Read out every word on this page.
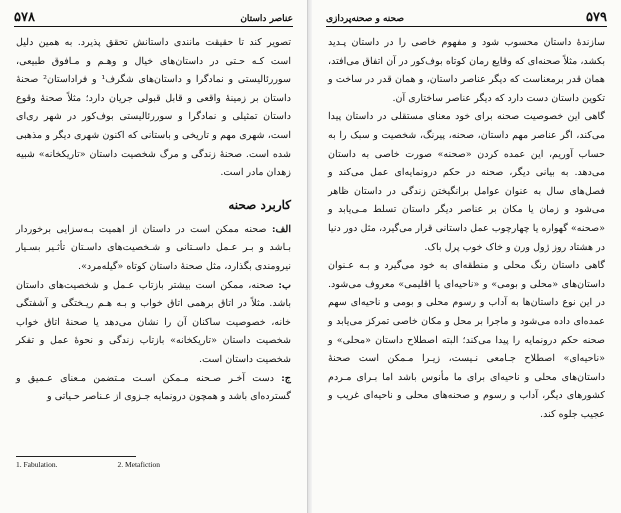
عناصر داستان
۵۷۸

تصویر کند تا حقیقت مانندی داستانش تحقق پذیرد. به همین دلیل است کـه حـتی در داستان‌های خیال و وهـم و مـافوق طبیعی، سوررئالیستی و نمادگرا و داستان‌های شگرف¹ و فراداستان² صحنهٔ داستان بر زمینهٔ واقعی و قابل قبولی جریان دارد؛ مثلاً صحنهٔ وقوع داستان تمثیلی و نمادگرا و سوررئالیستی بوف‌کور در شهر ری‌ای است، شهری مهم و تاریخی و باستانی که اکنون شهری دیگر و مذهبی شده است. صحنهٔ زندگی و مرگ شخصیت داستان «تاریکخانه» شبیه زهدان مادر است.

کاربرد صحنه

الف: صحنه ممکن است در داستان از اهمیت بـه‌سزایی برخوردار بـاشد و بـر عـمل داسـتانی و شـخصیت‌های داسـتان تأثـیر بسـیار نیرومندی بگذارد، مثل صحنهٔ داستان کوتاه «گیله‌مرد».

ب: صحنه، ممکن است بیشتر بازتاب عـمل و شخصیت‌های داستان باشد. مثلاً در اتاق برهمی اتاق خواب و بـه هـم ریـختگی و آشفتگی خانه، خصوصیت ساکنان آن را نشان می‌دهد یا صحنهٔ اتاق خواب شخصیت داستان «تاریکخانه» بازتاب زندگی و نحوهٔ عمل و تفکر شخصیت داستان است.

ج: دست آخـر صـحنه مـمکن اسـت مـتضمن مـعنای عـمیق و گسترده‌ای باشد و همچون درونمایه جـزوی از عـناصر حـیاتی و

1. Fabulation.	2. Metafiction
۵۷۹
صحنه و صحنه‌پردازی

سازندهٔ داستان محسوب شود و مفهوم خاصی را در داستان پـدید بکشد، مثلاً صحنه‌ای که وقایع رمان کوتاه بوف‌کور در آن اتفاق می‌افتد، همان قدر برمعناست که دیگر عناصر داستان، و همان قدر در ساخت و تکوین داستان دست دارد که دیگر عناصر ساختاری آن.

گاهی این خصوصیت صحنه برای خود معنای مستقلی در داستان پیدا می‌کند، اگر عناصر مهم داستان، صحنه، پیرنگ، شخصیت و سبک را به حساب آوریم، این عمده کردن «صحنه» صورت خاصی به داستان می‌دهد. به بیانی دیگر، صحنه در حکم درونمایه‌ای عمل می‌کند و فصل‌های سال به عنوان عوامل برانگیختن زندگی در داستان ظاهر می‌شود و زمان یا مکان بر عناصر دیگر داستان تسلط مـی‌یابد و «صحنه» گهواره یا چهارچوب عمل داستانی قرار می‌گیرد، مثل دور دنیا در هشتاد روز ژول ورن و خاک خوب پرل باک.

گاهی داستان رنگ محلی و منطقه‌ای به خود می‌گیرد و بـه عـنوان داستان‌های «محلی و بومی» و «ناحیه‌ای یا اقلیمی» معروف می‌شود. در این نوع داستان‌ها به آداب و رسوم محلی و بومی و ناحیه‌ای سهم عمده‌ای داده می‌شود و ماجرا بر محل و مکان خاصی تمرکز می‌یابد و صحنه حکم درونمایه را پیدا می‌کند؛ البته اصطلاح داستان «محلی» و «ناحیه‌ای» اصطلاح جـامعی نـیست، زیـرا مـمکن است صحنهٔ داستان‌های محلی و ناحیه‌ای برای ما مأنوس باشد اما بـرای مـردم کشورهای دیگر، آداب و رسوم و صحنه‌های محلی و ناحیه‌ای غریب و عجیب جلوه کند.
